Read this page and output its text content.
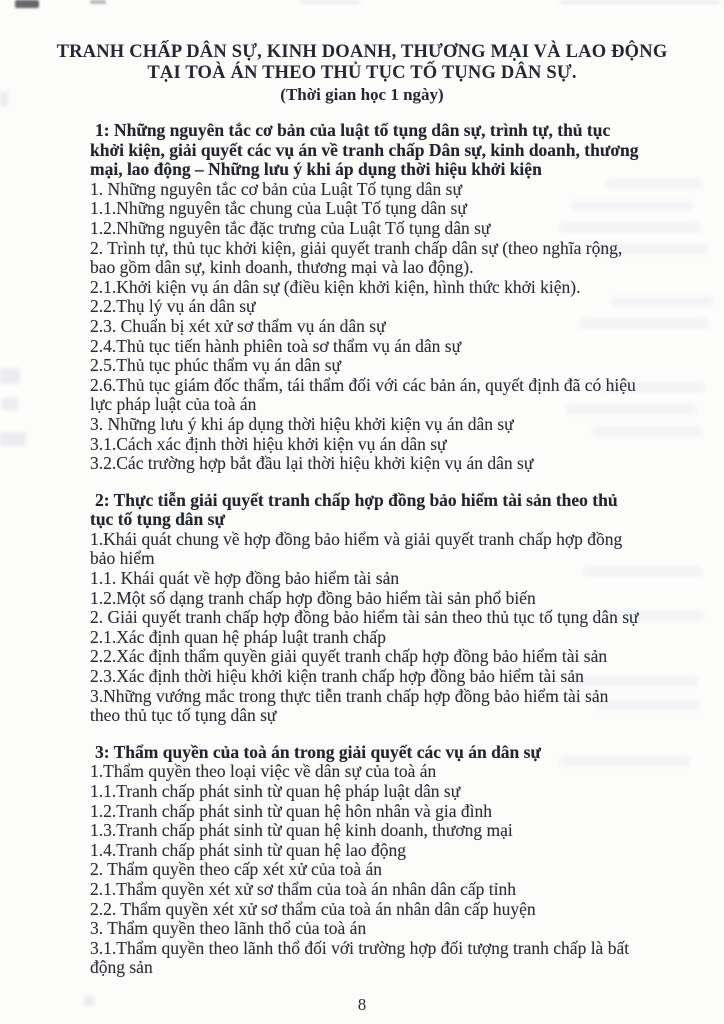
TRANH CHẤP DÂN SỰ, KINH DOANH, THƯƠNG MẠI VÀ LAO ĐỘNG
TẠI TOÀ ÁN THEO THỦ TỤC TỐ TỤNG DÂN SỰ.
(Thời gian học 1 ngày)
1: Những nguyên tắc cơ bản của luật tố tụng dân sự, trình tự, thủ tục khởi kiện, giải quyết các vụ án về tranh chấp Dân sự, kinh doanh, thương mại, lao động – Những lưu ý khi áp dụng thời hiệu khởi kiện

1. Những nguyên tắc cơ bản của Luật Tố tụng dân sự

1.1.Những nguyên tắc chung của Luật Tố tụng dân sự

1.2.Những nguyên tắc đặc trưng của Luật Tố tụng dân sự

2. Trình tự, thủ tục khởi kiện, giải quyết tranh chấp dân sự (theo nghĩa rộng, bao gồm dân sự, kinh doanh, thương mại và lao động).

2.1.Khởi kiện vụ án dân sự (điều kiện khởi kiện, hình thức khởi kiện).

2.2.Thụ lý vụ án dân sự

2.3. Chuẩn bị xét xử sơ thẩm vụ án dân sự

2.4.Thủ tục tiến hành phiên toà sơ thẩm vụ án dân sự

2.5.Thủ tục phúc thẩm vụ án dân sự

2.6.Thủ tục giám đốc thẩm, tái thẩm đối với các bản án, quyết định đã có hiệu lực pháp luật của toà án

3. Những lưu ý khi áp dụng thời hiệu khởi kiện vụ án dân sự

3.1.Cách xác định thời hiệu khởi kiện vụ án dân sự

3.2.Các trường hợp bắt đầu lại thời hiệu khởi kiện vụ án dân sự

2: Thực tiễn giải quyết tranh chấp hợp đồng bảo hiểm tài sản theo thủ tục tố tụng dân sự

1.Khái quát chung về hợp đồng bảo hiểm và giải quyết tranh chấp hợp đồng bảo hiểm

1.1. Khái quát về hợp đồng bảo hiểm tài sản

1.2.Một số dạng tranh chấp hợp đồng bảo hiểm tài sản phổ biến

2. Giải quyết tranh chấp hợp đồng bảo hiểm tài sản theo thủ tục tố tụng dân sự

2.1.Xác định quan hệ pháp luật tranh chấp

2.2.Xác định thẩm quyền giải quyết tranh chấp hợp đồng bảo hiểm tài sản

2.3.Xác định thời hiệu khởi kiện tranh chấp hợp đồng bảo hiểm tài sản

3.Những vướng mắc trong thực tiễn tranh chấp hợp đồng bảo hiểm tài sản theo thủ tục tố tụng dân sự

3: Thẩm quyền của toà án trong giải quyết các vụ án dân sự

1.Thẩm quyền theo loại việc về dân sự của toà án

1.1.Tranh chấp phát sinh từ quan hệ pháp luật dân sự

1.2.Tranh chấp phát sinh từ quan hệ hôn nhân và gia đình

1.3.Tranh chấp phát sinh từ quan hệ kinh doanh, thương mại

1.4.Tranh chấp phát sinh từ quan hệ lao động

2. Thẩm quyền theo cấp xét xử của toà án

2.1.Thẩm quyền xét xử sơ thẩm của toà án nhân dân cấp tỉnh

2.2. Thẩm quyền xét xử sơ thẩm của toà án nhân dân cấp huyện

3. Thẩm quyền theo lãnh thổ của toà án

3.1.Thẩm quyền theo lãnh thổ đối với trường hợp đối tượng tranh chấp là bất động sản

8
